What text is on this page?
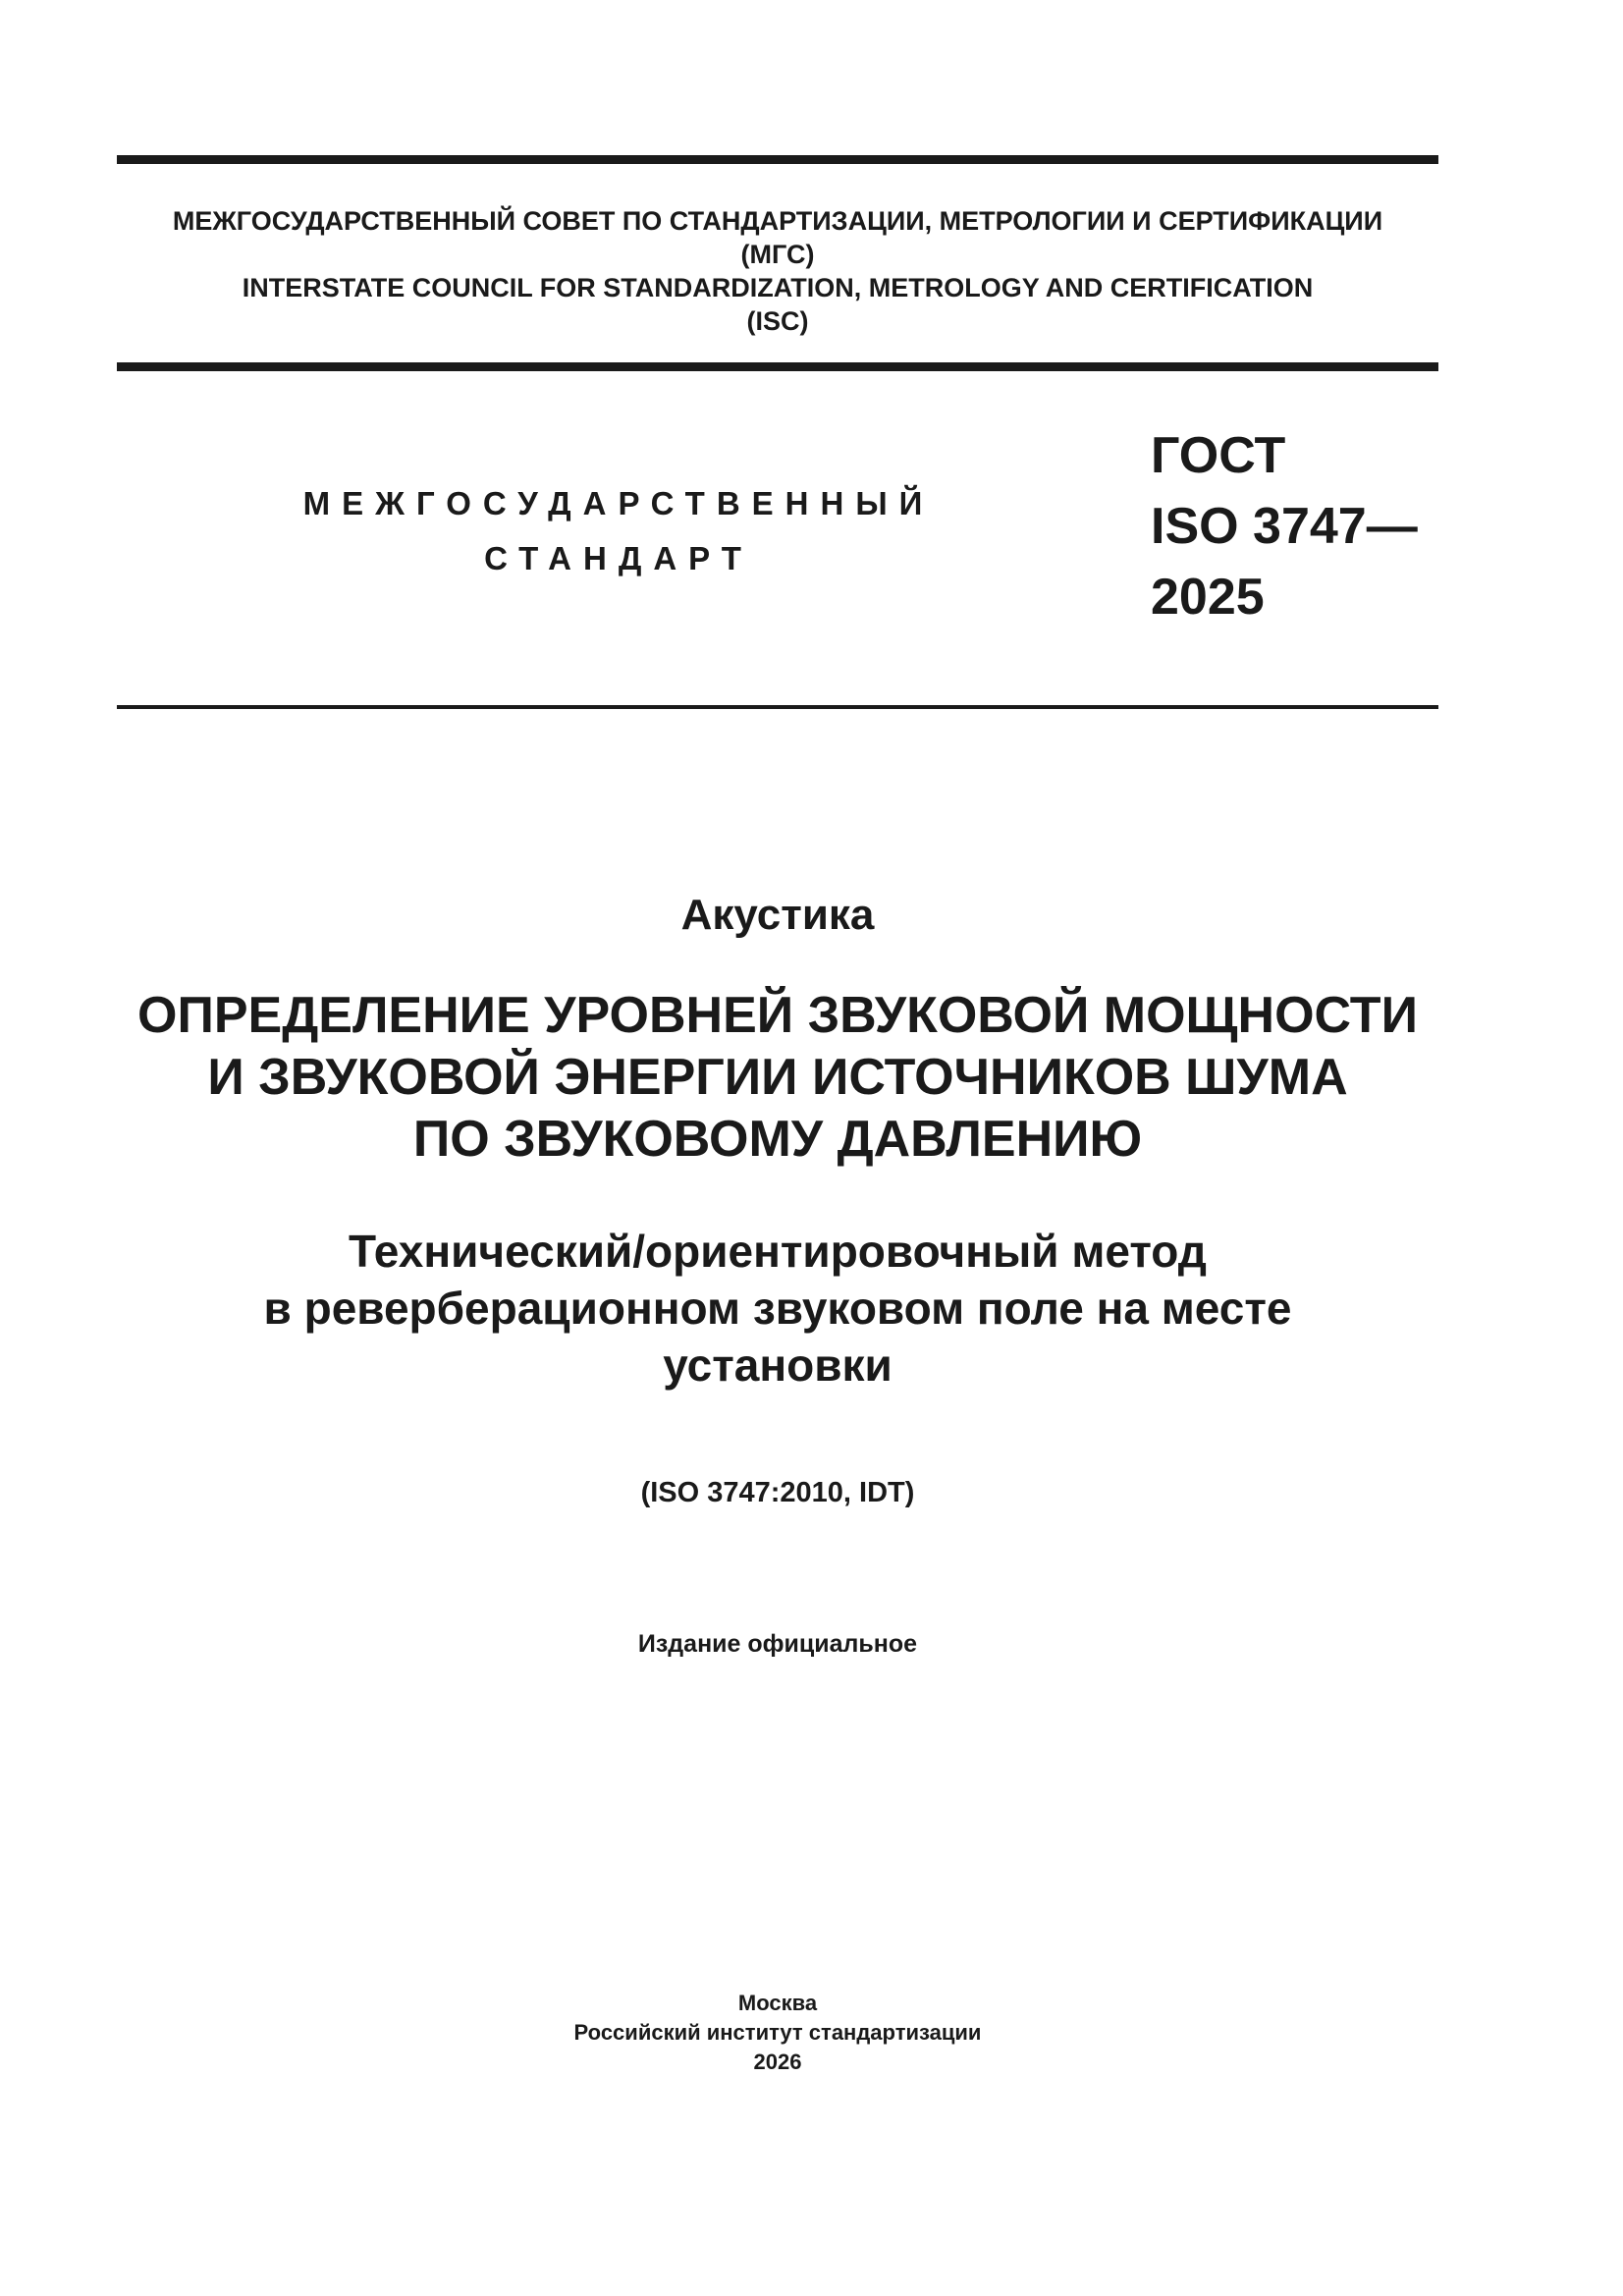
МЕЖГОСУДАРСТВЕННЫЙ СОВЕТ ПО СТАНДАРТИЗАЦИИ, МЕТРОЛОГИИ И СЕРТИФИКАЦИИ
(МГС)
INTERSTATE COUNCIL FOR STANDARDIZATION, METROLOGY AND CERTIFICATION
(ISC)
МЕЖГОСУДАРСТВЕННЫЙ
СТАНДАРТ
ГОСТ
ISO 3747—
2025
Акустика
ОПРЕДЕЛЕНИЕ УРОВНЕЙ ЗВУКОВОЙ МОЩНОСТИ
И ЗВУКОВОЙ ЭНЕРГИИ ИСТОЧНИКОВ ШУМА
ПО ЗВУКОВОМУ ДАВЛЕНИЮ
Технический/ориентировочный метод
в реверберационном звуковом поле на месте
установки
(ISO 3747:2010, IDT)
Издание официальное
Москва
Российский институт стандартизации
2026
